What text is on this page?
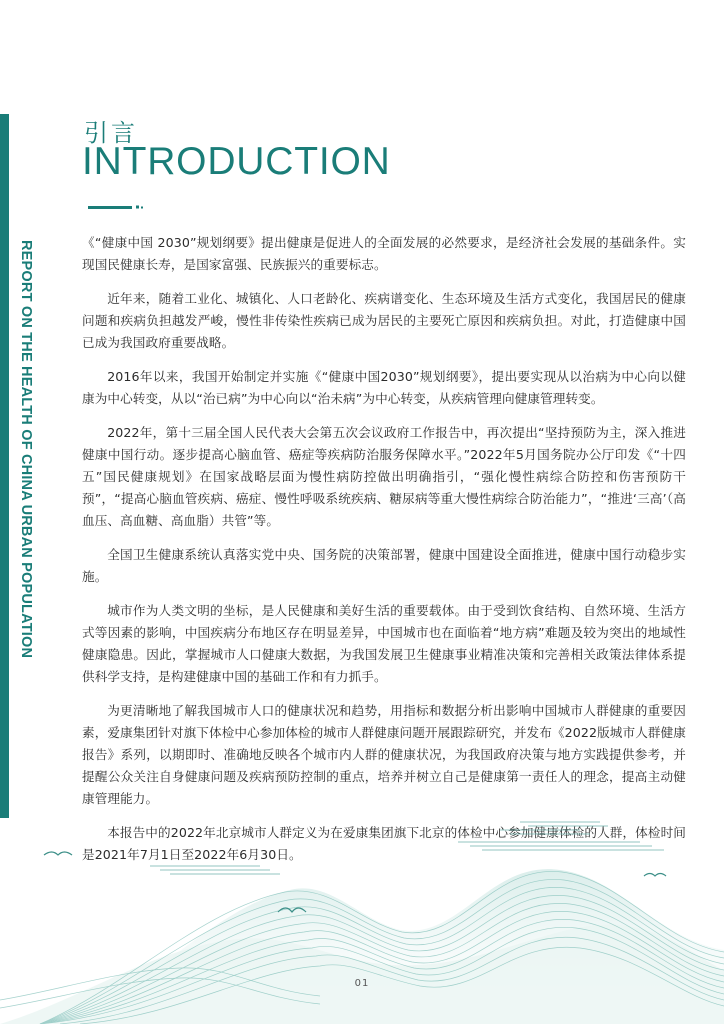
REPORT ON THE HEALTH OF CHINA URBAN POPULATION
引言
INTRODUCTION

《“健康中国 2030”规划纲要》提出健康是促进人的全面发展的必然要求，是经济社会发展的基础条件。实现国民健康长寿，是国家富强、民族振兴的重要标志。

近年来，随着工业化、城镇化、人口老龄化、疾病谱变化、生态环境及生活方式变化，我国居民的健康问题和疾病负担越发严峻，慢性非传染性疾病已成为居民的主要死亡原因和疾病负担。对此，打造健康中国已成为我国政府重要战略。

2016年以来，我国开始制定并实施《“健康中国2030”规划纲要》，提出要实现从以治病为中心向以健康为中心转变，从以“治已病”为中心向以“治未病”为中心转变，从疾病管理向健康管理转变。

2022年，第十三届全国人民代表大会第五次会议政府工作报告中，再次提出“坚持预防为主，深入推进健康中国行动。逐步提高心脑血管、癌症等疾病防治服务保障水平。”2022年5月国务院办公厅印发《“十四五”国民健康规划》在国家战略层面为慢性病防控做出明确指引，“强化慢性病综合防控和伤害预防干预”，“提高心脑血管疾病、癌症、慢性呼吸系统疾病、糖尿病等重大慢性病综合防治能力”，“推进‘三高’（高血压、高血糖、高血脂）共管”等。

全国卫生健康系统认真落实党中央、国务院的决策部署，健康中国建设全面推进，健康中国行动稳步实施。

城市作为人类文明的坐标，是人民健康和美好生活的重要载体。由于受到饮食结构、自然环境、生活方式等因素的影响，中国疾病分布地区存在明显差异，中国城市也在面临着“地方病”难题及较为突出的地域性健康隐患。因此，掌握城市人口健康大数据，为我国发展卫生健康事业精准决策和完善相关政策法律体系提供科学支持，是构建健康中国的基础工作和有力抓手。

为更清晰地了解我国城市人口的健康状况和趋势，用指标和数据分析出影响中国城市人群健康的重要因素，爱康集团针对旗下体检中心参加体检的城市人群健康问题开展跟踪研究，并发布《2022版城市人群健康报告》系列，以期即时、准确地反映各个城市内人群的健康状况，为我国政府决策与地方实践提供参考，并提醒公众关注自身健康问题及疾病预防控制的重点，培养并树立自己是健康第一责任人的理念，提高主动健康管理能力。

本报告中的2022年北京城市人群定义为在爱康集团旗下北京的体检中心参加健康体检的人群，体检时间是2021年7月1日至2022年6月30日。

01
